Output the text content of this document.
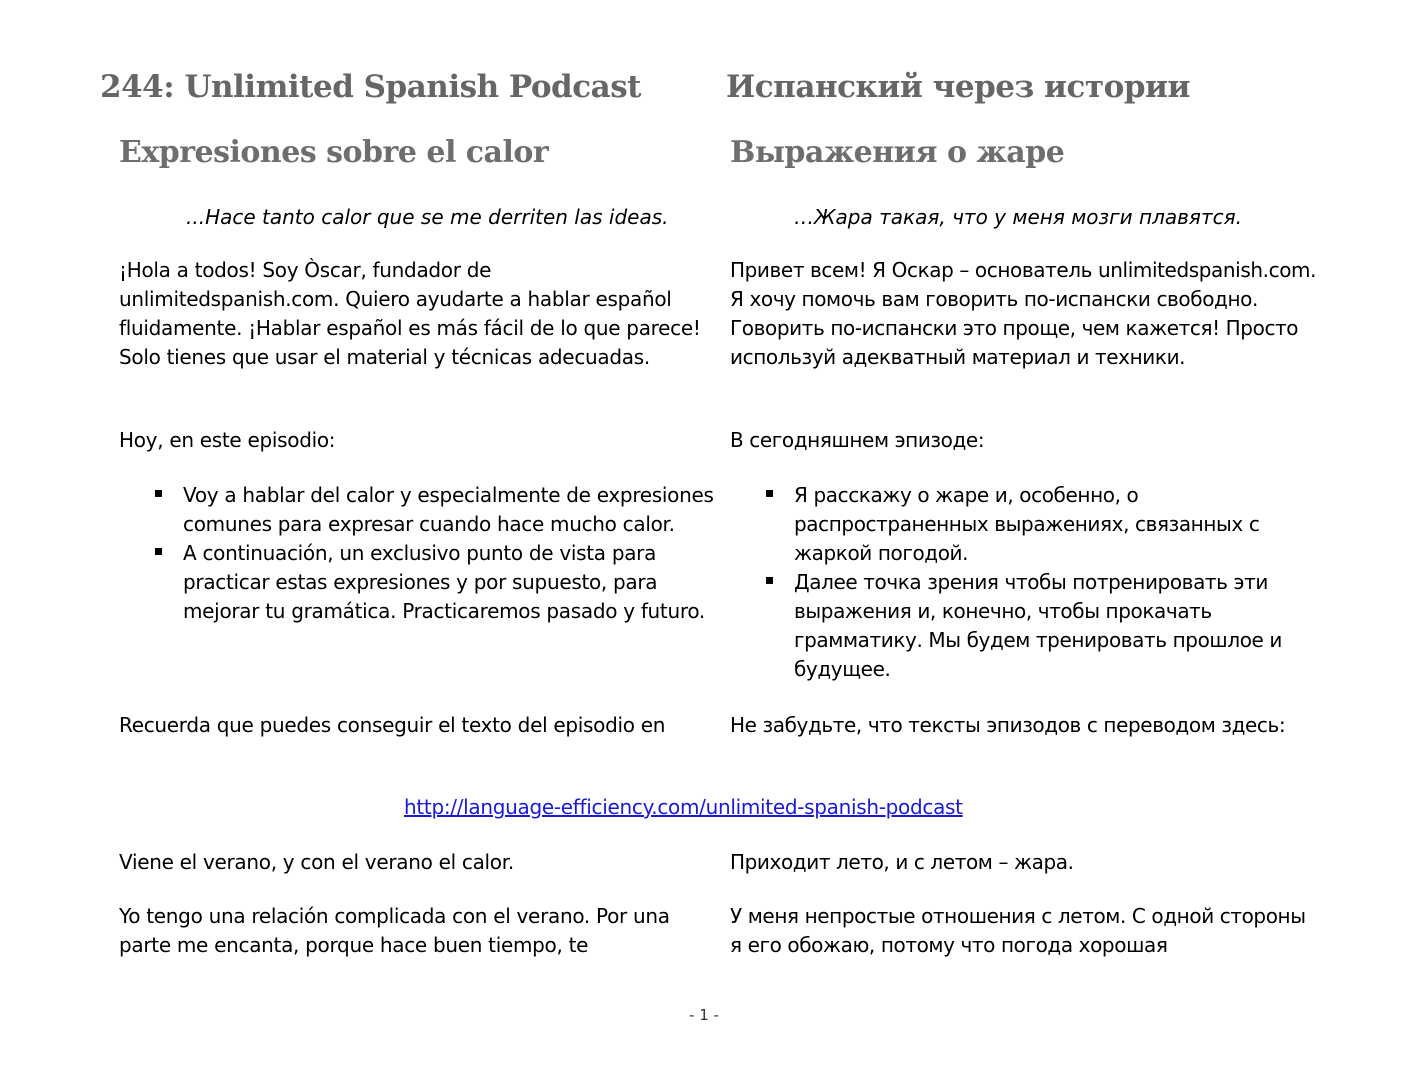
244: Unlimited Spanish Podcast
Expresiones sobre el calor
...Hace tanto calor que se me derriten las ideas.

¡Hola a todos! Soy Òscar, fundador de unlimitedspanish.com. Quiero ayudarte a hablar español fluidamente. ¡Hablar español es más fácil de lo que parece! Solo tienes que usar el material y técnicas adecuadas.

Hoy, en este episodio:

Voy a hablar del calor y especialmente de expresiones comunes para expresar cuando hace mucho calor.
A continuación, un exclusivo punto de vista para practicar estas expresiones y por supuesto, para mejorar tu gramática. Practicaremos pasado y futuro.

Recuerda que puedes conseguir el texto del episodio en

http://language-efficiency.com/unlimited-spanish-podcast

Viene el verano, y con el verano el calor.

Yo tengo una relación complicada con el verano. Por una parte me encanta, porque hace buen tiempo, te

Испанский через истории
Выражения о жаре
…Жара такая, что у меня мозги плавятся.

Привет всем! Я Оскар – основатель unlimitedspanish.com. Я хочу помочь вам говорить по-испански свободно. Говорить по-испански это проще, чем кажется! Просто используй адекватный материал и техники.

В сегодняшнем эпизоде:

Я расскажу о жаре и, особенно, о распространенных выражениях, связанных с жаркой погодой.
Далее точка зрения чтобы потренировать эти выражения и, конечно, чтобы прокачать грамматику. Мы будем тренировать прошлое и будущее.

Не забудьте, что тексты эпизодов с переводом здесь:

Приходит лето, и с летом – жара.

У меня непростые отношения с летом. С одной стороны я его обожаю, потому что погода хорошая

- 1 -
